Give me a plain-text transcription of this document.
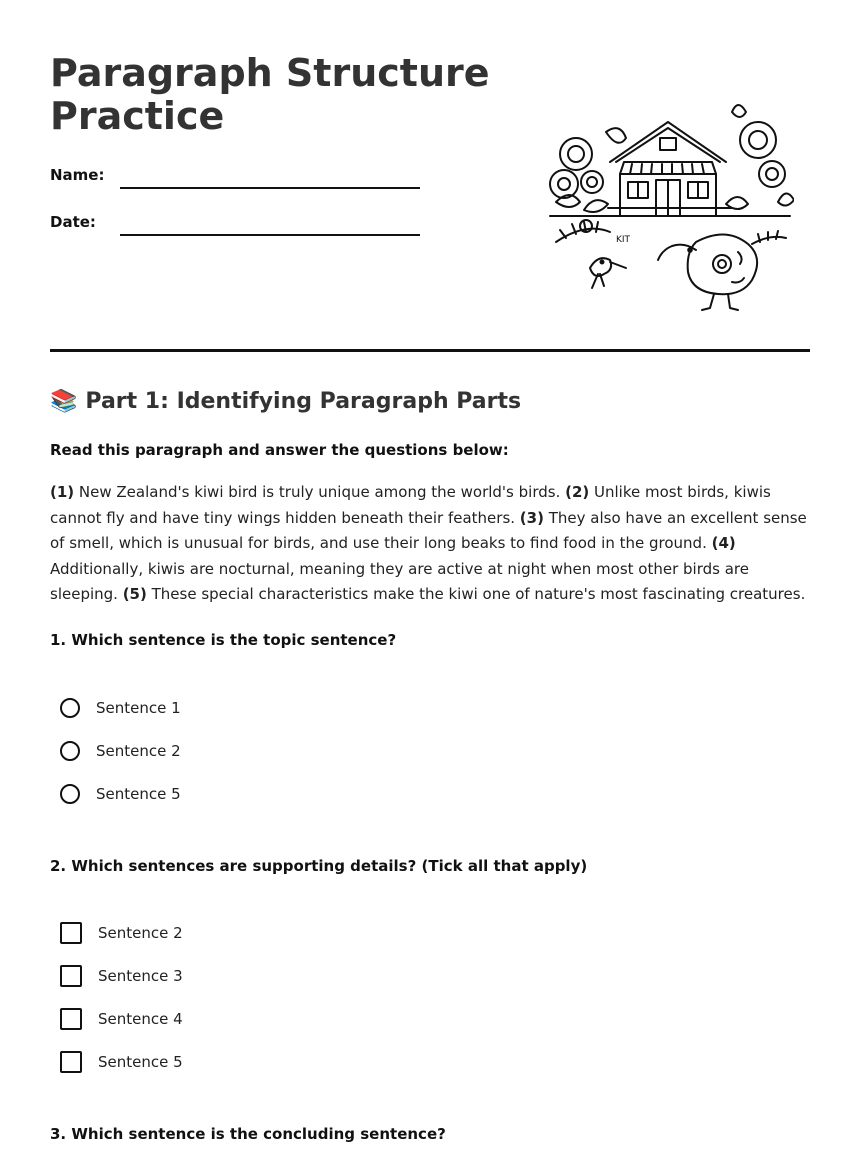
Paragraph Structure Practice
Name:
Date:
KIT
📚 Part 1: Identifying Paragraph Parts

Read this paragraph and answer the questions below:

(1) New Zealand's kiwi bird is truly unique among the world's birds. (2) Unlike most birds, kiwis cannot fly and have tiny wings hidden beneath their feathers. (3) They also have an excellent sense of smell, which is unusual for birds, and use their long beaks to find food in the ground. (4) Additionally, kiwis are nocturnal, meaning they are active at night when most other birds are sleeping. (5) These special characteristics make the kiwi one of nature's most fascinating creatures.

1. Which sentence is the topic sentence?

Sentence 1
Sentence 2
Sentence 5

2. Which sentences are supporting details? (Tick all that apply)

Sentence 2
Sentence 3
Sentence 4
Sentence 5

3. Which sentence is the concluding sentence?
